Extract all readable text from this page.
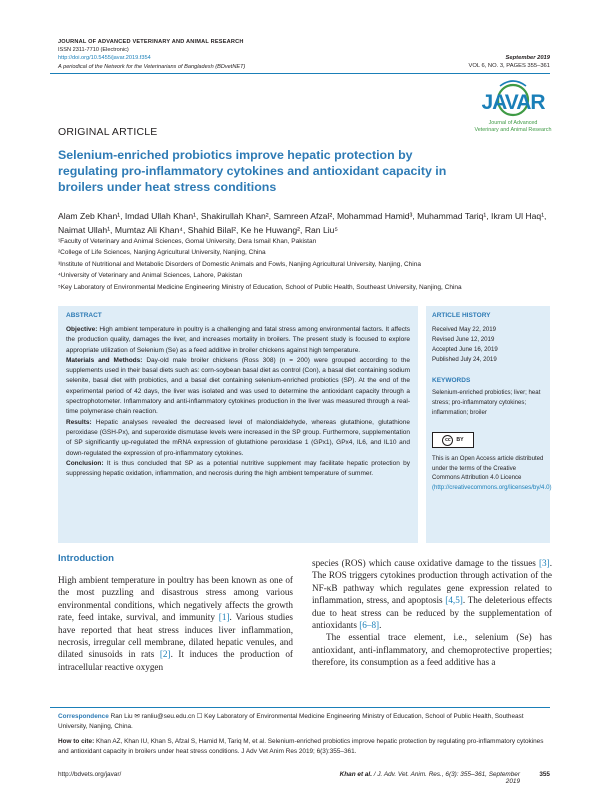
JOURNAL OF ADVANCED VETERINARY AND ANIMAL RESEARCH
ISSN 2311-7710 (Electronic)
http://doi.org/10.5455/javar.2019.f354
A periodical of the Network for the Veterinarians of Bangladesh (BDvetNET)
September 2019
VOL 6, NO. 3, PAGES 355–361
JAVAR
Journal of Advanced
Veterinary and Animal Research
ORIGINAL ARTICLE
Selenium-enriched probiotics improve hepatic protection by regulating pro-inflammatory cytokines and antioxidant capacity in broilers under heat stress conditions
Alam Zeb Khan¹, Imdad Ullah Khan¹, Shakirullah Khan², Samreen Afzal², Mohammad Hamid³, Muhammad Tariq¹, Ikram Ul Haq¹, Naimat Ullah¹, Mumtaz Ali Khan⁴, Shahid Bilal², Ke he Huwang², Ran Liu⁵
¹Faculty of Veterinary and Animal Sciences, Gomal University, Dera Ismail Khan, Pakistan
²College of Life Sciences, Nanjing Agricultural University, Nanjing, China
³Institute of Nutritional and Metabolic Disorders of Domestic Animals and Fowls, Nanjing Agricultural University, Nanjing, China
⁴University of Veterinary and Animal Sciences, Lahore, Pakistan
⁵Key Laboratory of Environmental Medicine Engineering Ministry of Education, School of Public Health, Southeast University, Nanjing, China
ABSTRACT
Objective: High ambient temperature in poultry is a challenging and fatal stress among environmental factors. It affects the production quality, damages the liver, and increases mortality in broilers. The present study is focused to explore appropriate utilization of Selenium (Se) as a feed additive in broiler chickens against high temperature.
Materials and Methods: Day-old male broiler chickens (Ross 308) (n = 200) were grouped according to the supplements used in their basal diets such as: corn-soybean basal diet as control (Con), a basal diet containing sodium selenite, basal diet with probiotics, and a basal diet containing selenium-enriched probiotics (SP). At the end of the experimental period of 42 days, the liver was isolated and was used to determine the antioxidant capacity through a spectrophotometer. Inflammatory and anti-inflammatory cytokines production in the liver was measured through a real-time polymerase chain reaction.
Results: Hepatic analyses revealed the decreased level of malondialdehyde, whereas glutathione, glutathione peroxidase (GSH-Px), and superoxide dismutase levels were increased in the SP group. Furthermore, supplementation of SP significantly up-regulated the mRNA expression of glutathione peroxidase 1 (GPx1), GPx4, IL6, and IL10 and down-regulated the expression of pro-inflammatory cytokines.
Conclusion: It is thus concluded that SP as a potential nutritive supplement may facilitate hepatic protection by suppressing hepatic oxidation, inflammation, and necrosis during the high ambient temperature of summer.
ARTICLE HISTORY
Received May 22, 2019
Revised June 12, 2019
Accepted June 16, 2019
Published July 24, 2019
KEYWORDS
Selenium-enriched probiotics; liver; heat stress; pro-inflammatory cytokines; inflammation; broiler
cc	BY
This is an Open Access article distributed under the terms of the Creative Commons Attribution 4.0 Licence (http://creativecommons.org/licenses/by/4.0)
Introduction
High ambient temperature in poultry has been known as one of the most puzzling and disastrous stress among various environmental conditions, which negatively affects the growth rate, feed intake, survival, and immunity [1]. Various studies have reported that heat stress induces liver inflammation, necrosis, irregular cell membrane, dilated hepatic venules, and dilated sinusoids in rats [2]. It induces the production of intracellular reactive oxygen
species (ROS) which cause oxidative damage to the tissues [3]. The ROS triggers cytokines production through activation of the NF-κB pathway which regulates gene expression related to inflammation, stress, and apoptosis [4,5]. The deleterious effects due to heat stress can be reduced by the supplementation of antioxidants [6–8].
The essential trace element, i.e., selenium (Se) has antioxidant, anti-inflammatory, and chemoprotective properties; therefore, its consumption as a feed additive has a
Correspondence Ran Liu ✉ ranliu@seu.edu.cn ☐ Key Laboratory of Environmental Medicine Engineering Ministry of Education, School of Public Health, Southeast University, Nanjing, China.
How to cite: Khan AZ, Khan IU, Khan S, Afzal S, Hamid M, Tariq M, et al. Selenium-enriched probiotics improve hepatic protection by regulating pro-inflammatory cytokines and antioxidant capacity in broilers under heat stress conditions. J Adv Vet Anim Res 2019; 6(3):355–361.
http://bdvets.org/javar/	Khan et al. / J. Adv. Vet. Anim. Res., 6(3): 355–361, September 2019
355
